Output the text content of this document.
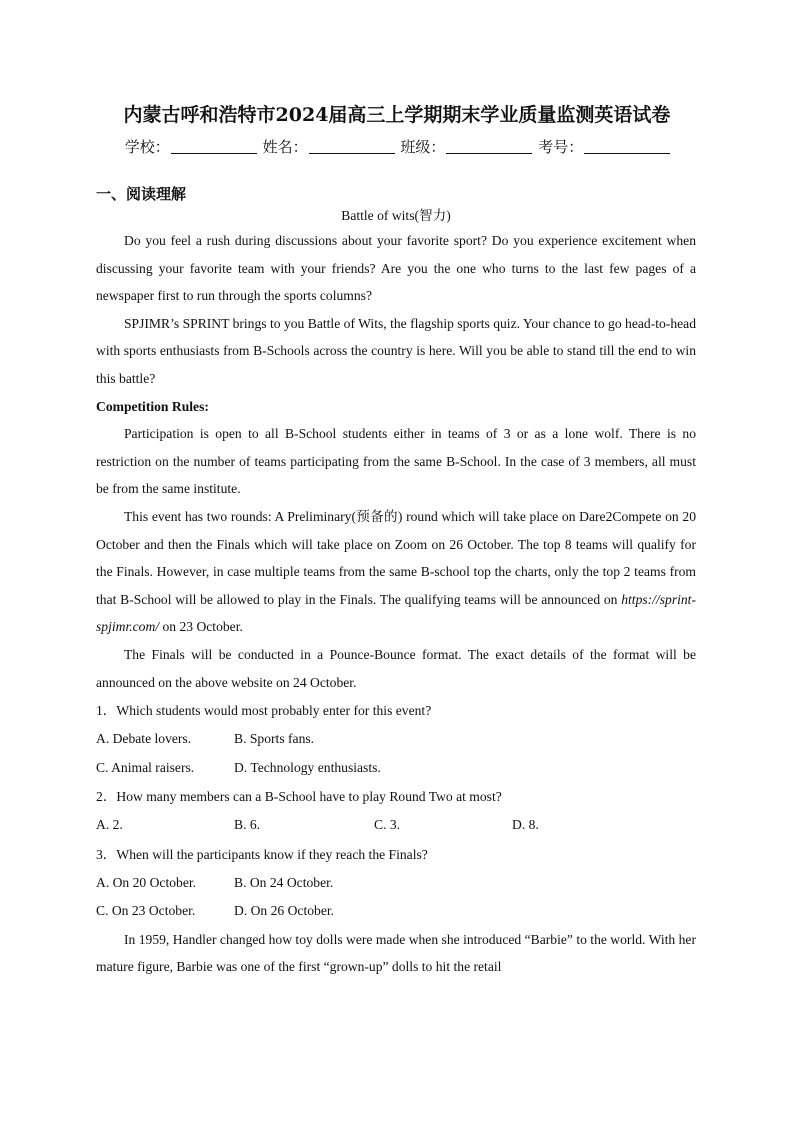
内蒙古呼和浩特市2024届高三上学期期末学业质量监测英语试卷
学校：	姓名：	班级：	考号：
一、阅读理解
Battle of wits(智力)

Do you feel a rush during discussions about your favorite sport? Do you experience excitement when discussing your favorite team with your friends? Are you the one who turns to the last few pages of a newspaper first to run through the sports columns?

SPJIMR’s SPRINT brings to you Battle of Wits, the flagship sports quiz. Your chance to go head-to-head with sports enthusiasts from B-Schools across the country is here. Will you be able to stand till the end to win this battle?

Competition Rules:

Participation is open to all B-School students either in teams of 3 or as a lone wolf. There is no restriction on the number of teams participating from the same B-School. In the case of 3 members, all must be from the same institute.

This event has two rounds: A Preliminary(预备的) round which will take place on Dare2Compete on 20 October and then the Finals which will take place on Zoom on 26 October. The top 8 teams will qualify for the Finals. However, in case multiple teams from the same B-school top the charts, only the top 2 teams from that B-School will be allowed to play in the Finals. The qualifying teams will be announced on https://sprint-spjimr.com/ on 23 October.

The Finals will be conducted in a Pounce-Bounce format. The exact details of the format will be announced on the above website on 24 October.

1．Which students would most probably enter for this event?
A. Debate lovers.	B. Sports fans.
C. Animal raisers.	D. Technology enthusiasts.
2．How many members can a B-School have to play Round Two at most?
A. 2.	B. 6.	C. 3.	D. 8.
3．When will the participants know if they reach the Finals?
A. On 20 October.	B. On 24 October.
C. On 23 October.	D. On 26 October.

In 1959, Handler changed how toy dolls were made when she introduced “Barbie” to the world. With her mature figure, Barbie was one of the first “grown-up” dolls to hit the retail
